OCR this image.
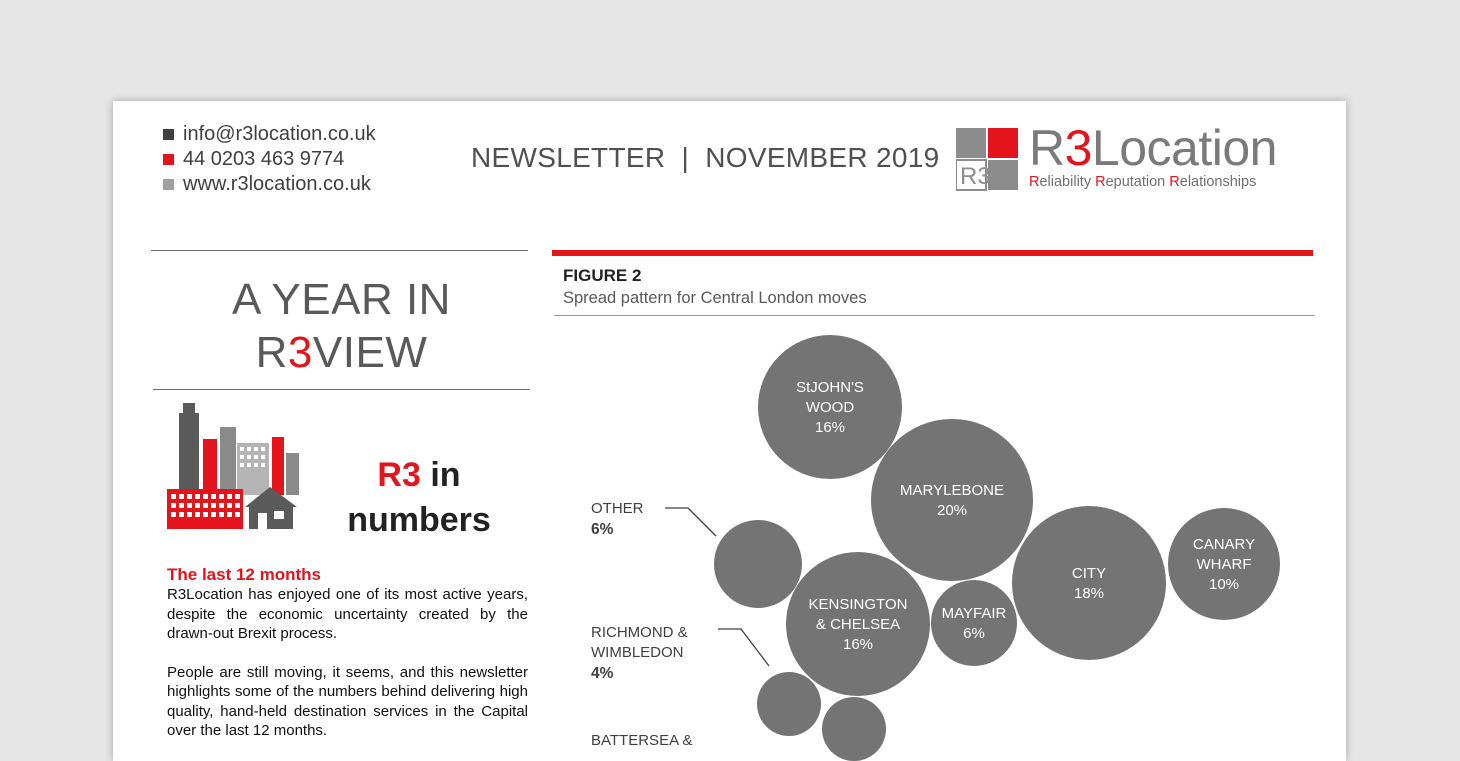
info@r3location.co.uk
44 0203 463 9774
www.r3location.co.uk
NEWSLETTER  |  NOVEMBER 2019
R3
R3Location
Reliability Reputation Relationships
A YEAR IN
R3VIEW
R3 in
numbers
The last 12 months

R3Location has enjoyed one of its most active years, despite the economic uncertainty created by the drawn-out Brexit process.

People are still moving, it seems, and this newsletter highlights some of the numbers behind delivering high quality, hand-held destination services in the Capital over the last 12 months.

FIGURE 2
Spread pattern for Central London moves
StJOHN'S
WOOD
16%
MARYLEBONE
20%
CITY
18%
CANARY
WHARF
10%
KENSINGTON
& CHELSEA
16%
MAYFAIR
6%
OTHER
6%
RICHMOND &
WIMBLEDON
4%
BATTERSEA &
